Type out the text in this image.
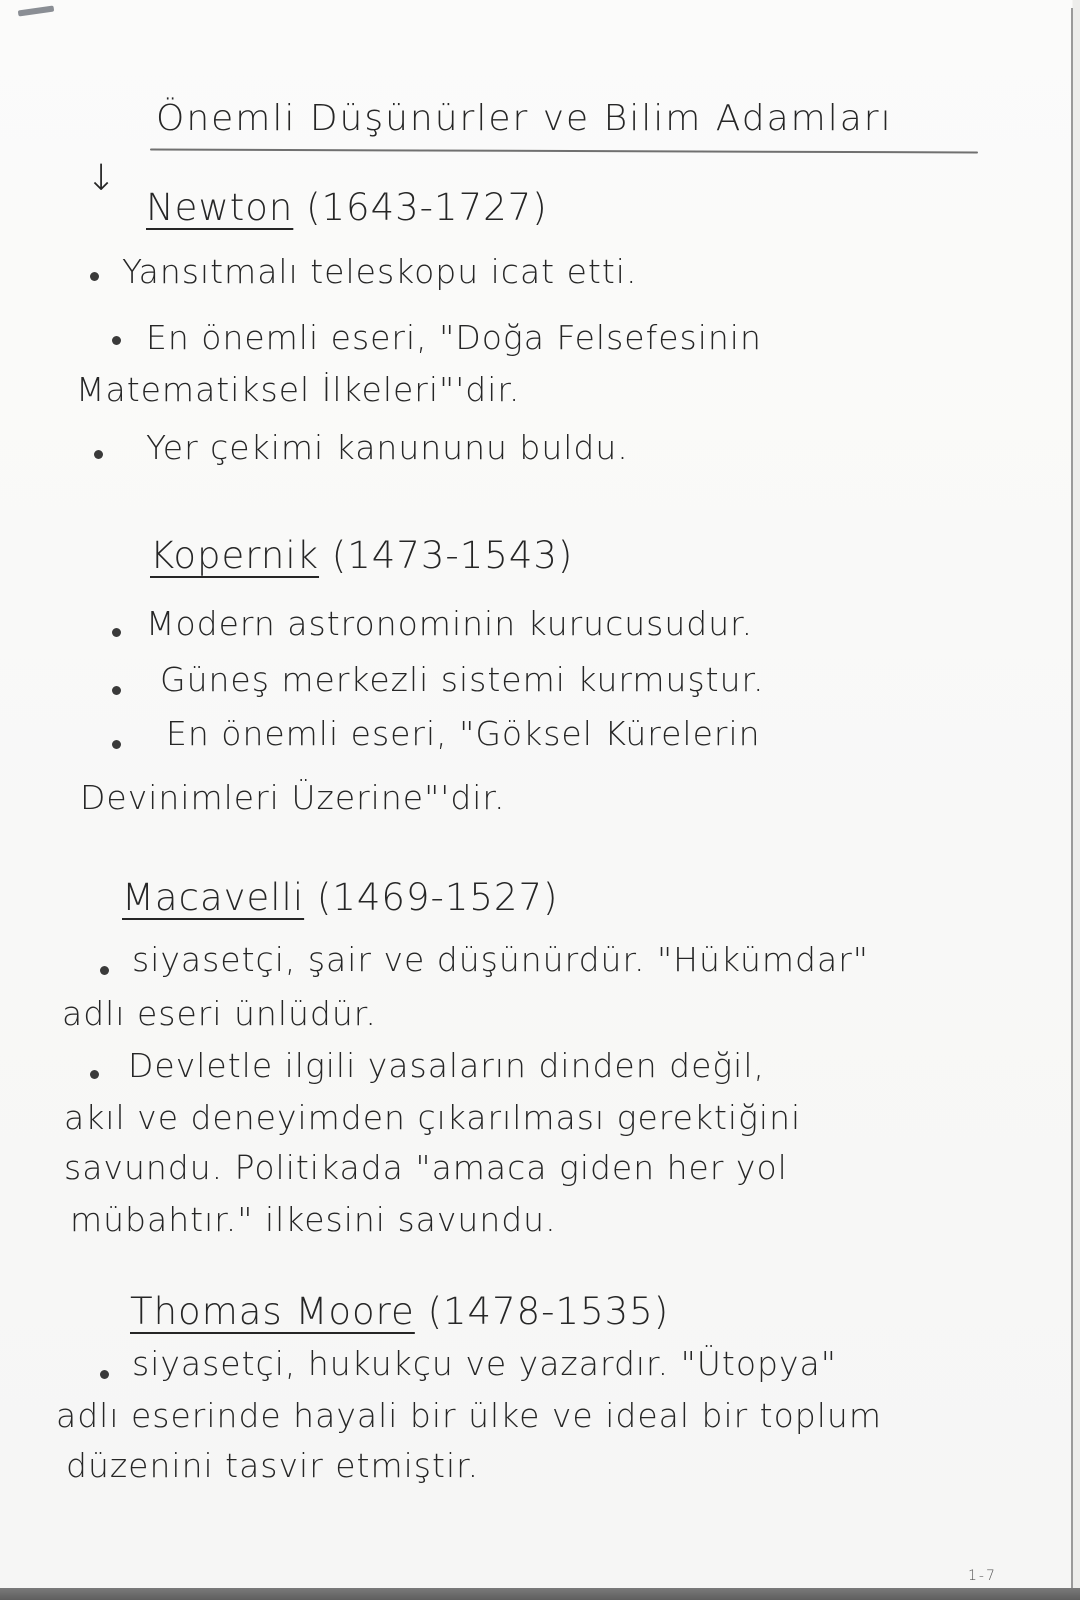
Önemli Düşünürler ve Bilim Adamları
↓
Newton (1643-1727)
Yansıtmalı teleskopu icat etti.
En önemli eseri, "Doğa Felsefesinin
Matematiksel İlkeleri"'dir.
Yer çekimi kanununu buldu.
Kopernik (1473-1543)
Modern astronominin kurucusudur.
Güneş merkezli sistemi kurmuştur.
En önemli eseri, "Göksel Kürelerin
Devinimleri Üzerine"'dir.
Macavelli (1469-1527)
siyasetçi, şair ve düşünürdür. "Hükümdar"
adlı eseri ünlüdür.
Devletle ilgili yasaların dinden değil,
akıl ve deneyimden çıkarılması gerektiğini
savundu. Politikada "amaca giden her yol
mübahtır." ilkesini savundu.
Thomas Moore (1478-1535)
siyasetçi, hukukçu ve yazardır. "Ütopya"
adlı eserinde hayali bir ülke ve ideal bir toplum
düzenini tasvir etmiştir.
1-7
